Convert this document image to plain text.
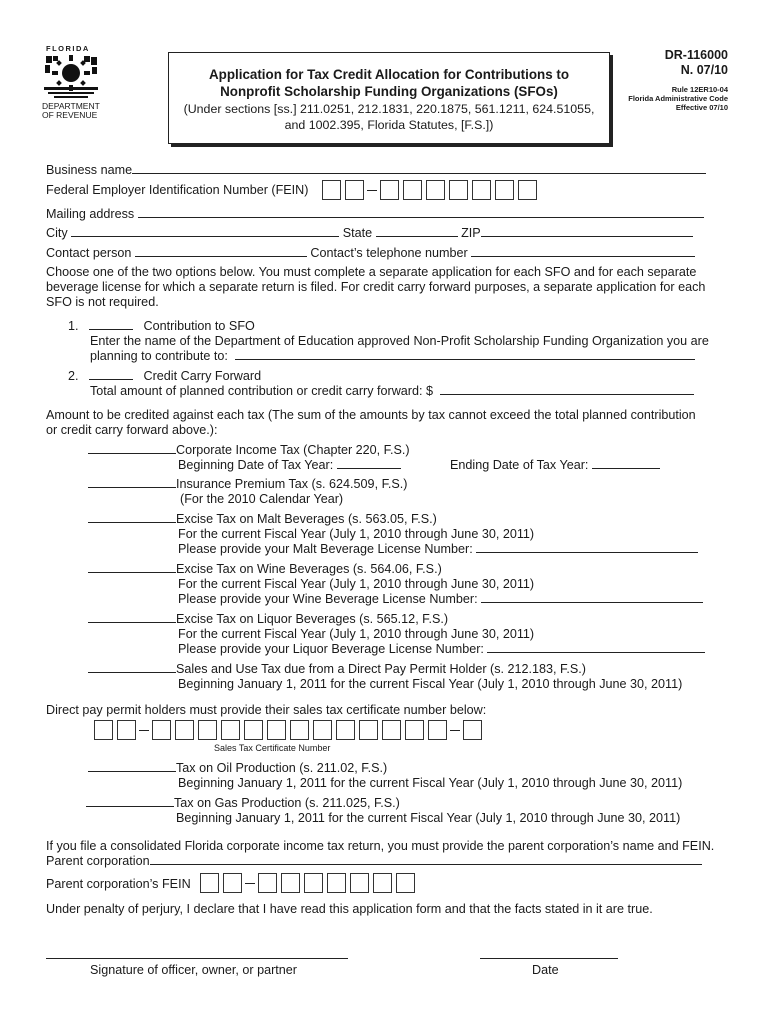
FLORIDA
DEPARTMENT
OF REVENUE
Application for Tax Credit Allocation for Contributions to
Nonprofit Scholarship Funding Organizations (SFOs)
(Under sections [ss.] 211.0251, 212.1831, 220.1875, 561.1211, 624.51055,
and 1002.395, Florida Statutes, [F.S.])
DR-116000
N. 07/10
Rule 12ER10-04
Florida Administrative Code
Effective 07/10
Business name
Federal Employer Identification Number (FEIN)
Mailing address
City	State	ZIP
Contact person	Contact’s telephone number
Choose one of the two options below. You must complete a separate application for each SFO and for each separate
beverage license for which a separate return is filed. For credit carry forward purposes, a separate application for each
SFO is not required.
1.	Contribution to SFO
Enter the name of the Department of Education approved Non-Profit Scholarship Funding Organization you are
planning to contribute to:
2.	Credit Carry Forward
Total amount of planned contribution or credit carry forward: $
Amount to be credited against each tax (The sum of the amounts by tax cannot exceed the total planned contribution
or credit carry forward above.):
Corporate Income Tax (Chapter 220, F.S.)
Beginning Date of Tax Year:	Ending Date of Tax Year:
Insurance Premium Tax (s. 624.509, F.S.)
(For the 2010 Calendar Year)
Excise Tax on Malt Beverages (s. 563.05, F.S.)
For the current Fiscal Year (July 1, 2010 through June 30, 2011)
Please provide your Malt Beverage License Number:
Excise Tax on Wine Beverages (s. 564.06, F.S.)
For the current Fiscal Year (July 1, 2010 through June 30, 2011)
Please provide your Wine Beverage License Number:
Excise Tax on Liquor Beverages (s. 565.12, F.S.)
For the current Fiscal Year (July 1, 2010 through June 30, 2011)
Please provide your Liquor Beverage License Number:
Sales and Use Tax due from a Direct Pay Permit Holder (s. 212.183, F.S.)
Beginning January 1, 2011 for the current Fiscal Year (July 1, 2010 through June 30, 2011)
Direct pay permit holders must provide their sales tax certificate number below:
Sales Tax Certificate Number
Tax on Oil Production (s. 211.02, F.S.)
Beginning January 1, 2011 for the current Fiscal Year (July 1, 2010 through June 30, 2011)
Tax on Gas Production (s. 211.025, F.S.)
Beginning January 1, 2011 for the current Fiscal Year (July 1, 2010 through June 30, 2011)
If you file a consolidated Florida corporate income tax return, you must provide the parent corporation’s name and FEIN.
Parent corporation
Parent corporation’s FEIN
Under penalty of perjury, I declare that I have read this application form and that the facts stated in it are true.
Signature of officer, owner, or partner	Date
